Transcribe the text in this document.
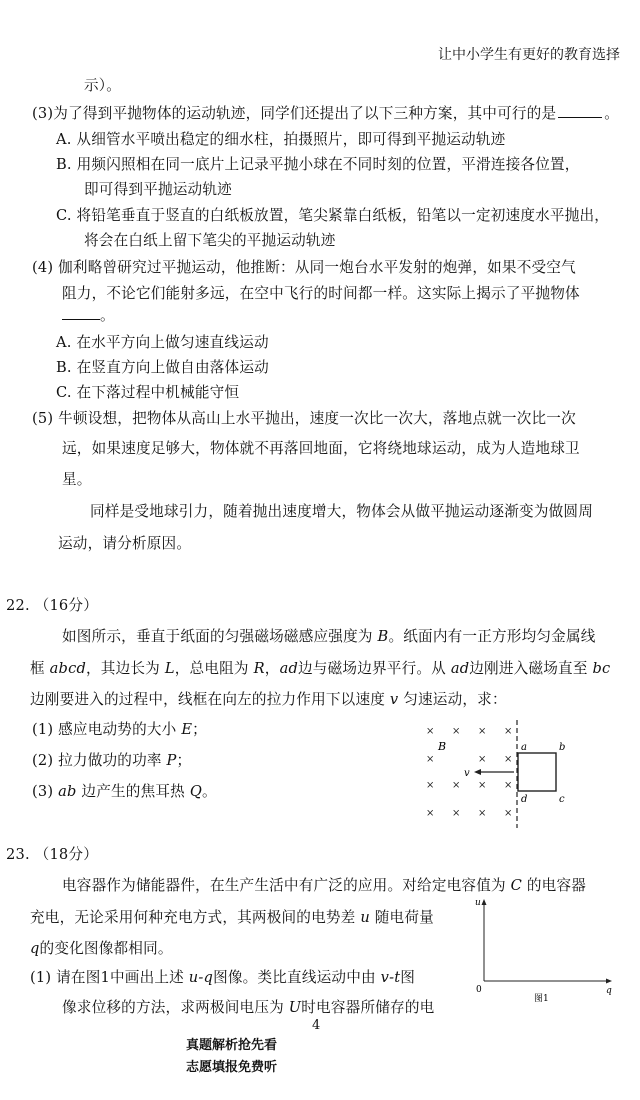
让中小学生有更好的教育选择
示）。
(3)为了得到平抛物体的运动轨迹，同学们还提出了以下三种方案，其中可行的是	。
A. 从细管水平喷出稳定的细水柱，拍摄照片，即可得到平抛运动轨迹
B. 用频闪照相在同一底片上记录平抛小球在不同时刻的位置，平滑连接各位置，
即可得到平抛运动轨迹
C. 将铅笔垂直于竖直的白纸板放置，笔尖紧靠白纸板，铅笔以一定初速度水平抛出，
将会在白纸上留下笔尖的平抛运动轨迹
(4) 伽利略曾研究过平抛运动，他推断：从同一炮台水平发射的炮弹，如果不受空气
阻力，不论它们能射多远，在空中飞行的时间都一样。这实际上揭示了平抛物体
。
A. 在水平方向上做匀速直线运动
B. 在竖直方向上做自由落体运动
C. 在下落过程中机械能守恒
(5) 牛顿设想，把物体从高山上水平抛出，速度一次比一次大，落地点就一次比一次
远，如果速度足够大，物体就不再落回地面，它将绕地球运动，成为人造地球卫
星。
同样是受地球引力，随着抛出速度增大，物体会从做平抛运动逐渐变为做圆周
运动，请分析原因。
22. （16分）
如图所示，垂直于纸面的匀强磁场磁感应强度为 B。纸面内有一正方形均匀金属线
框 abcd，其边长为 L，总电阻为 R，ad边与磁场边界平行。从 ad边刚进入磁场直至 bc
边刚要进入的过程中，线框在向左的拉力作用下以速度 v 匀速运动，求：
(1) 感应电动势的大小 E；
(2) 拉力做功的功率 P；
(3) ab 边产生的焦耳热 Q。
× × × ×
×	× ×
× × × ×
× × × ×
B	a	b
c
d
v
23. （18分）
电容器作为储能器件，在生产生活中有广泛的应用。对给定电容值为 C 的电容器
充电，无论采用何种充电方式，其两极间的电势差 u 随电荷量
q的变化图像都相同。
(1) 请在图1中画出上述 u-q图像。类比直线运动中由 v-t图
像求位移的方法，求两极间电压为 U时电容器所储存的电
u
q
0
图1
4
真题解析抢先看
志愿填报免费听
